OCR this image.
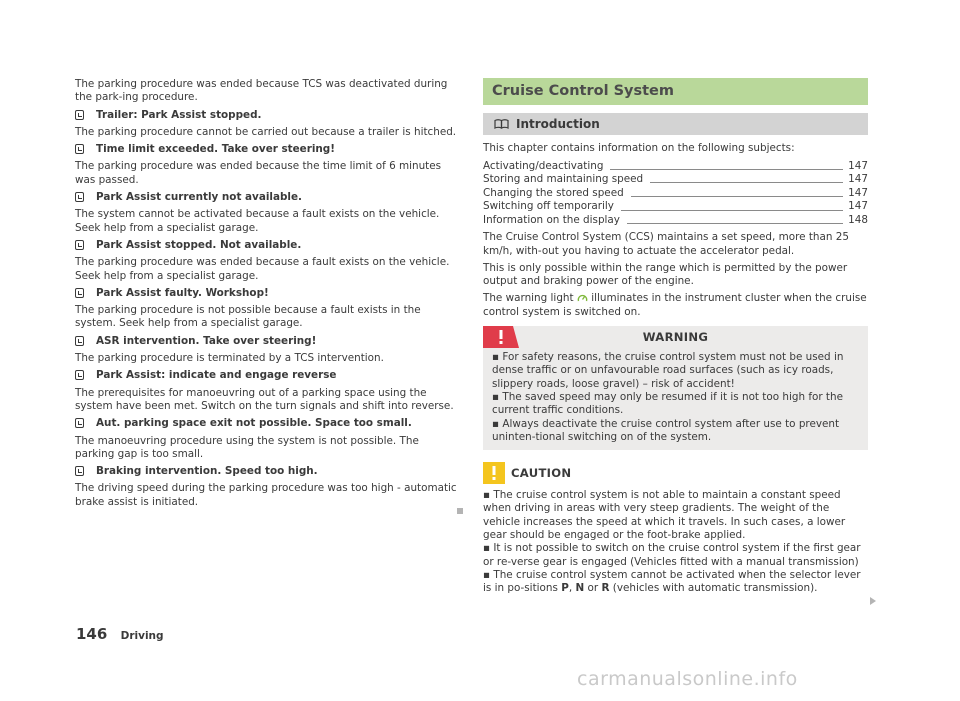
The parking procedure was ended because TCS was deactivated during the park-ing procedure.

Trailer: Park Assist stopped.

The parking procedure cannot be carried out because a trailer is hitched.

Time limit exceeded. Take over steering!

The parking procedure was ended because the time limit of 6 minutes was passed.

Park Assist currently not available.

The system cannot be activated because a fault exists on the vehicle. Seek help from a specialist garage.

Park Assist stopped. Not available.

The parking procedure was ended because a fault exists on the vehicle. Seek help from a specialist garage.

Park Assist faulty. Workshop!

The parking procedure is not possible because a fault exists in the system. Seek help from a specialist garage.

ASR intervention. Take over steering!

The parking procedure is terminated by a TCS intervention.

Park Assist: indicate and engage reverse

The prerequisites for manoeuvring out of a parking space using the system have been met. Switch on the turn signals and shift into reverse.

Aut. parking space exit not possible. Space too small.

The manoeuvring procedure using the system is not possible. The parking gap is too small.

Braking intervention. Speed too high.

The driving speed during the parking procedure was too high - automatic brake assist is initiated.

Cruise Control System
Introduction

This chapter contains information on the following subjects:

Activating/deactivating	147
Storing and maintaining speed	147
Changing the stored speed	147
Switching off temporarily	147
Information on the display	148

The Cruise Control System (CCS) maintains a set speed, more than 25 km/h, with-out you having to actuate the accelerator pedal.

This is only possible within the range which is permitted by the power output and braking power of the engine.

The warning light illuminates in the instrument cluster when the cruise control system is switched on.

WARNING

▪ For safety reasons, the cruise control system must not be used in dense traffic or on unfavourable road surfaces (such as icy roads, slippery roads, loose gravel) – risk of accident!

▪ The saved speed may only be resumed if it is not too high for the current traffic conditions.

▪ Always deactivate the cruise control system after use to prevent uninten-tional switching on of the system.

CAUTION

▪ The cruise control system is not able to maintain a constant speed when driving in areas with very steep gradients. The weight of the vehicle increases the speed at which it travels. In such cases, a lower gear should be engaged or the foot-brake applied.

▪ It is not possible to switch on the cruise control system if the first gear or re-verse gear is engaged (Vehicles fitted with a manual transmission)

▪ The cruise control system cannot be activated when the selector lever is in po-sitions P, N or R (vehicles with automatic transmission).

146 Driving
carmanualsonline.info
